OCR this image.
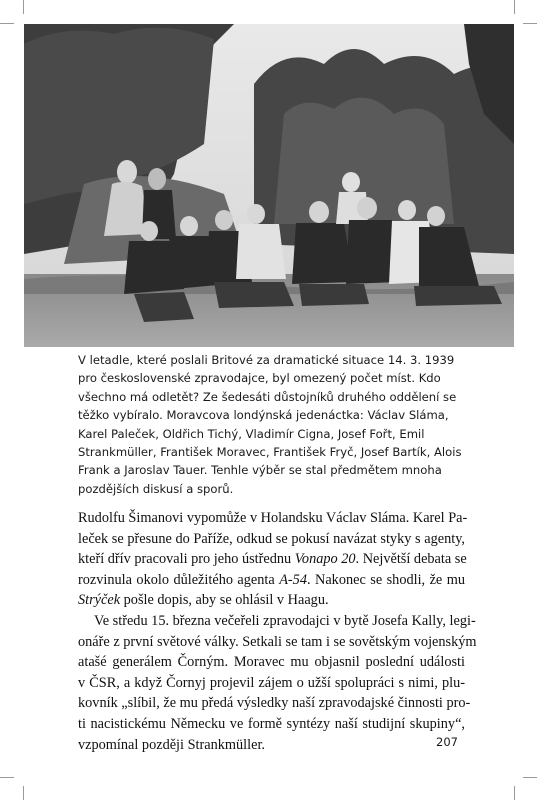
V letadle, které poslali Britové za dramatické situace 14. 3. 1939
pro československé zpravodajce, byl omezený počet míst. Kdo
všechno má odletět? Ze šedesáti důstojníků druhého oddělení se
těžko vybíralo. Moravcova londýnská jedenáctka: Václav Sláma,
Karel Paleček, Oldřich Tichý, Vladimír Cigna, Josef Fořt, Emil
Strankmüller, František Moravec, František Fryč, Josef Bartík, Alois
Frank a Jaroslav Tauer. Tenhle výběr se stal předmětem mnoha
pozdějších diskusí a sporů.
Rudolfu Šimanovi vypomůže v Holandsku Václav Sláma. Karel Pa-
leček se přesune do Paříže, odkud se pokusí navázat styky s agenty,
kteří dřív pracovali pro jeho ústřednu Vonapo 20. Největší debata se
rozvinula okolo důležitého agenta A-54. Nakonec se shodli, že mu
Strýček pošle dopis, aby se ohlásil v Haagu.
Ve středu 15. března večeřeli zpravodajci v bytě Josefa Kally, legi-
onáře z první světové války. Setkali se tam i se sovětským vojenským
atašé generálem Čorným. Moravec mu objasnil poslední události
v ČSR, a když Čornyj projevil zájem o užší spolupráci s nimi, plu-
kovník „slíbil, že mu předá výsledky naší zpravodajské činnosti pro-
ti nacistickému Německu ve formě syntézy naší studijní skupiny“,
vzpomínal později Strankmüller.	207
